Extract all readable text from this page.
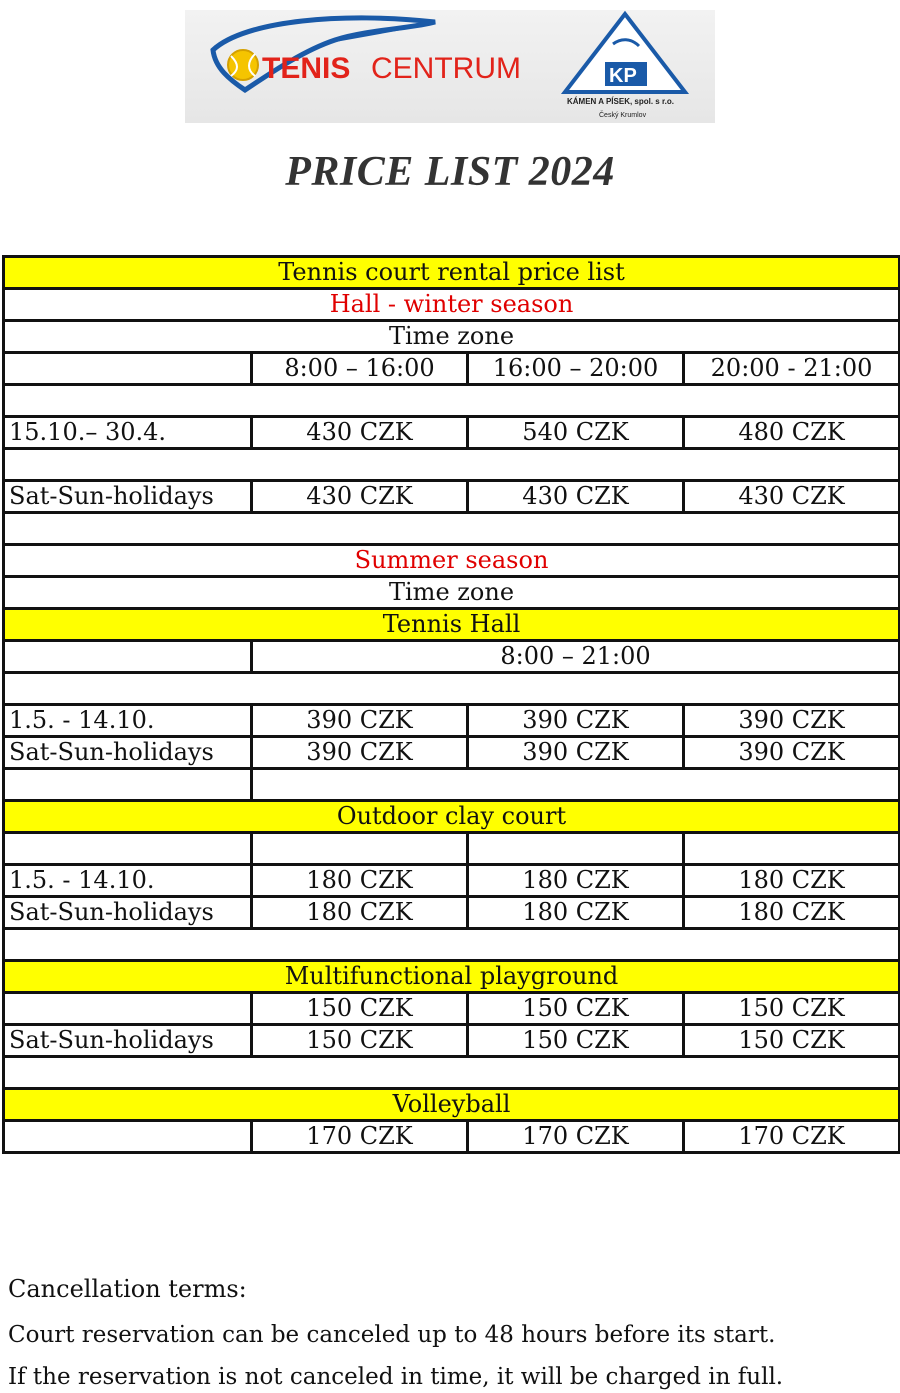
TENIS CENTRUM	KP
KÁMEN A PÍSEK, spol. s r.o.
Český Krumlov
PRICE LIST 2024
Tennis court rental price list			
Hall - winter season			
Time zone			
	8:00 – 16:00	16:00 – 20:00	20:00 - 21:00

15.10.– 30.4.	430 CZK	540 CZK	480 CZK

Sat-Sun-holidays	430 CZK	430 CZK	430 CZK

Summer season			
Time zone			
Tennis Hall			
	8:00 – 21:00		

1.5. - 14.10.	390 CZK	390 CZK	390 CZK
Sat-Sun-holidays	390 CZK	390 CZK	390 CZK

Outdoor clay court			

1.5. - 14.10.	180 CZK	180 CZK	180 CZK
Sat-Sun-holidays	180 CZK	180 CZK	180 CZK

Multifunctional playground			
	150 CZK	150 CZK	150 CZK
Sat-Sun-holidays	150 CZK	150 CZK	150 CZK

Volleyball			
	170 CZK	170 CZK	170 CZK
Cancellation terms:
Court reservation can be canceled up to 48 hours before its start.
If the reservation is not canceled in time, it will be charged in full.
